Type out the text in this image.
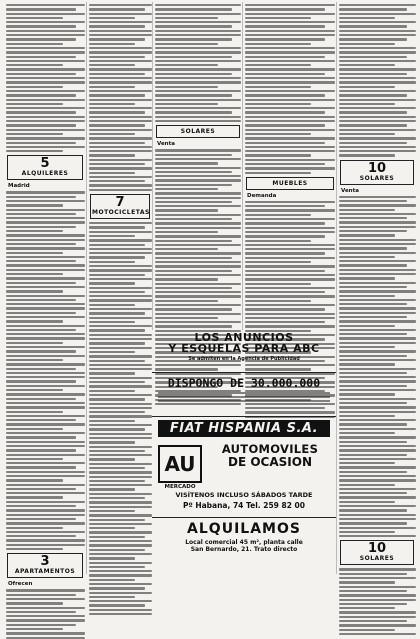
5
ALQUILERES
Madrid
3
APARTAMENTOS
Ofrecen
7
MOTOCICLETAS
SOLARES
Venta
MUEBLES
Demanda
10
SOLARES
Venta
10
SOLARES
LOS ANUNCIOS
Y ESQUELAS PARA ABC
Se admiten en la Agencia de Publicidad
DISPONGO DE 30.000.000
FIAT HISPANIA S.A.
AU
MERCADO
AUTOMOVILES
DE OCASION
VISÍTENOS INCLUSO SÁBADOS TARDE
Pº Habana, 74 Tel. 259 82 00
ALQUILAMOS
Local comercial 45 m², planta calle
San Bernardo, 21. Trato directo
